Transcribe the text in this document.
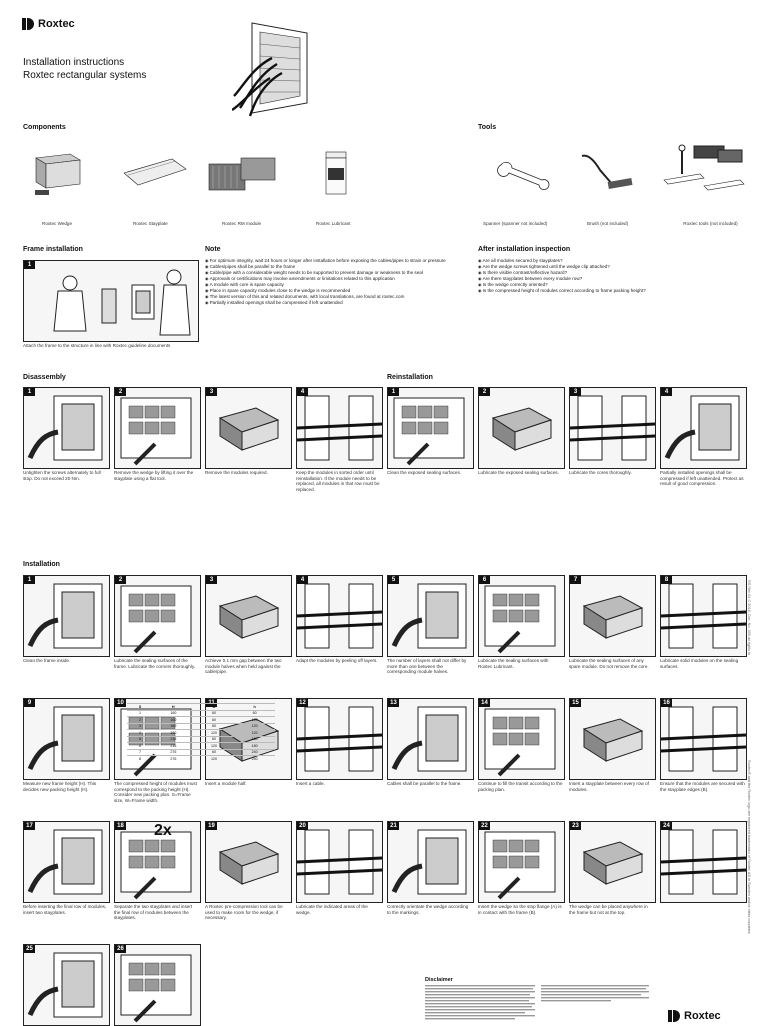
Roxtec
Installation instructions
Roxtec rectangular systems
Components
Roxtec Wedge	Roxtec Stayplate	Roxtec RM module	Roxtec Lubricant
Tools
Spanner (spanner not included)	Brush (not included)	Roxtec tools (not included)
Frame installation
1
Attach the frame to the structure in line with Roxtec guideline documents
Note
◉ For optimum integrity, wait 24 hours or longer after installation before exposing the cables/pipes to strain or pressure
◉ Cables/pipes shall be parallel to the frame
◉ Cable/pipe with a considerable weight needs to be supported to prevent damage or weakness to the seal
◉ Approvals or certifications may involve amendments or limitations related to this application
◉ A module with core is spare capacity
◉ Place in spare capacity modules close to the wedge is recommended
◉ The latest version of this and related documents, with local translations, are found at roxtec.com
◉ Partially installed openings shall be compressed if left unattended
After installation inspection
◉ Are all modules secured by stayplates?
◉ Are the wedge screws tightened until the wedge clip attached?
◉ Is there visible contrast/reflective hazard?
◉ Are there stayplates between every module row?
◉ Is the wedge correctly oriented?
◉ Is the compressed height of modules correct according to frame packing height?
Disassembly	Reinstallation
Installation
1
Untighten the screws alternately to full stop. Do not exceed 20 Nm.
2
Remove the wedge by lifting it over the stayplate using a flat tool.
3
Remove the modules required.
4
Keep the modules in sorted order until reinstallation. If the module needs to be replaced, all modules in that row must be replaced.
1
Clean the exposed sealing surfaces.
2
Lubricate the exposed sealing surfaces.
3
Lubricate the cores thoroughly.
4
Partially installed openings shall be compressed if left unattended. Protect as result of good compression.
1
Clean the frame inside.
2
Lubricate the sealing surfaces of the frame. Lubricate the corners thoroughly.
3
Achieve 0.1 mm gap between the two module halves when held against the cable/pipe.
4
Adapt the modules by peeling off layers.
5
The number of layers shall not differ by more than one between the corresponding module halves.
6
Lubricate the sealing surfaces with Roxtec Lubricant.
7
Lubricate the sealing surfaces of any spare module. Do not remove the core.
8
Lubricate solid modules on the sealing surfaces.
9
Measure new frame height (H). This decides new packing height (H).
10
The compressed height of modules must correspond to the packing height (H). Consider new packing plan. S=Frame size, W=Frame width.
11
Insert a module half.
12
Insert a cable.
13
Cables shall be parallel to the frame.
14
Continue to fill the transit according to the packing plan.
15
Insert a stayplate between every row of modules.
16
Ensure that the modules are secured with the stayplate edges (B).
17
Before inserting the final row of modules, insert two stayplates.
18
Separate the two stayplates and insert the final row of modules between the stayplates.
19
A Roxtec pre-compression tool can be used to make room for the wedge, if necessary.
20
Lubricate the indicated areas of the wedge.
21
Correctly orientate the wedge according to the markings.
22
Insert the wedge so the stop flange (A) is in contact with the frame (B).
23
The wedge can be placed anywhere in the frame but not at the top.
24
25	26
S	H	W	h
1	160	60	60
2	160	60	120
3	160	60	120
4	160	120	120
5	216	60	180
6	216	120	180
7	276	60	240
8	276	120	240
2x
Disclaimer
Roxtec
RS Rev 04 © 2016, Doc. No. 000 all rights in
Roxtec® and the Roxtec logo are registered trademarks of Roxtec AB in Sweden and/or other countries
